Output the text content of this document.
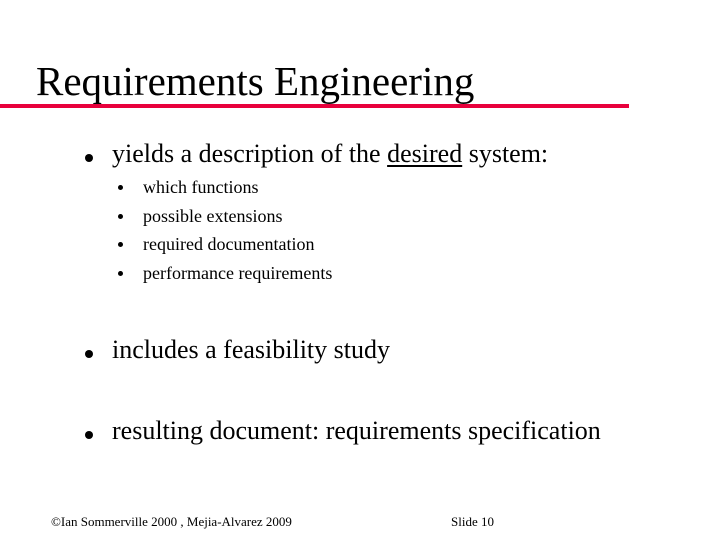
Requirements Engineering
yields a description of the desired system:
which functions
possible extensions
required documentation
performance requirements
includes a feasibility study
resulting document: requirements specification
©Ian Sommerville 2000 , Mejia-Alvarez 2009	Slide 10
